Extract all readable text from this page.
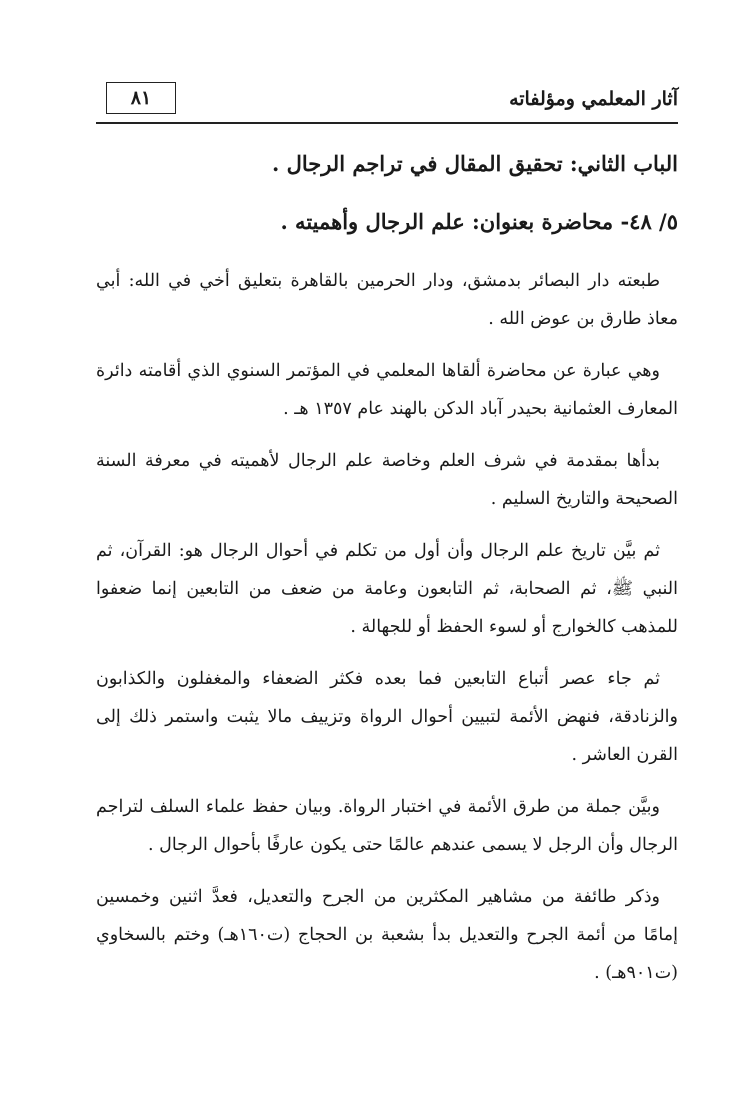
آثار المعلمي ومؤلفاته
٨١
الباب الثاني: تحقيق المقال في تراجم الرجال .
٥/ ٤٨- محاضرة بعنوان: علم الرجال وأهميته .

طبعته دار البصائر بدمشق، ودار الحرمين بالقاهرة بتعليق أخي في الله: أبي معاذ طارق بن عوض الله .

وهي عبارة عن محاضرة ألقاها المعلمي في المؤتمر السنوي الذي أقامته دائرة المعارف العثمانية بحيدر آباد الدكن بالهند عام ١٣٥٧ هـ .

بدأها بمقدمة في شرف العلم وخاصة علم الرجال لأهميته في معرفة السنة الصحيحة والتاريخ السليم .

ثم بيَّن تاريخ علم الرجال وأن أول من تكلم في أحوال الرجال هو: القرآن، ثم النبي ﷺ، ثم الصحابة، ثم التابعون وعامة من ضعف من التابعين إنما ضعفوا للمذهب كالخوارج أو لسوء الحفظ أو للجهالة .

ثم جاء عصر أتباع التابعين فما بعده فكثر الضعفاء والمغفلون والكذابون والزنادقة، فنهض الأئمة لتبيين أحوال الرواة وتزييف مالا يثبت واستمر ذلك إلى القرن العاشر .

وبيَّن جملة من طرق الأئمة في اختبار الرواة. وبيان حفظ علماء السلف لتراجم الرجال وأن الرجل لا يسمى عندهم عالمًا حتى يكون عارفًا بأحوال الرجال .

وذكر طائفة من مشاهير المكثرين من الجرح والتعديل، فعدَّ اثنين وخمسين إمامًا من أئمة الجرح والتعديل بدأ بشعبة بن الحجاج (ت١٦٠هـ) وختم بالسخاوي (ت٩٠١هـ) .
